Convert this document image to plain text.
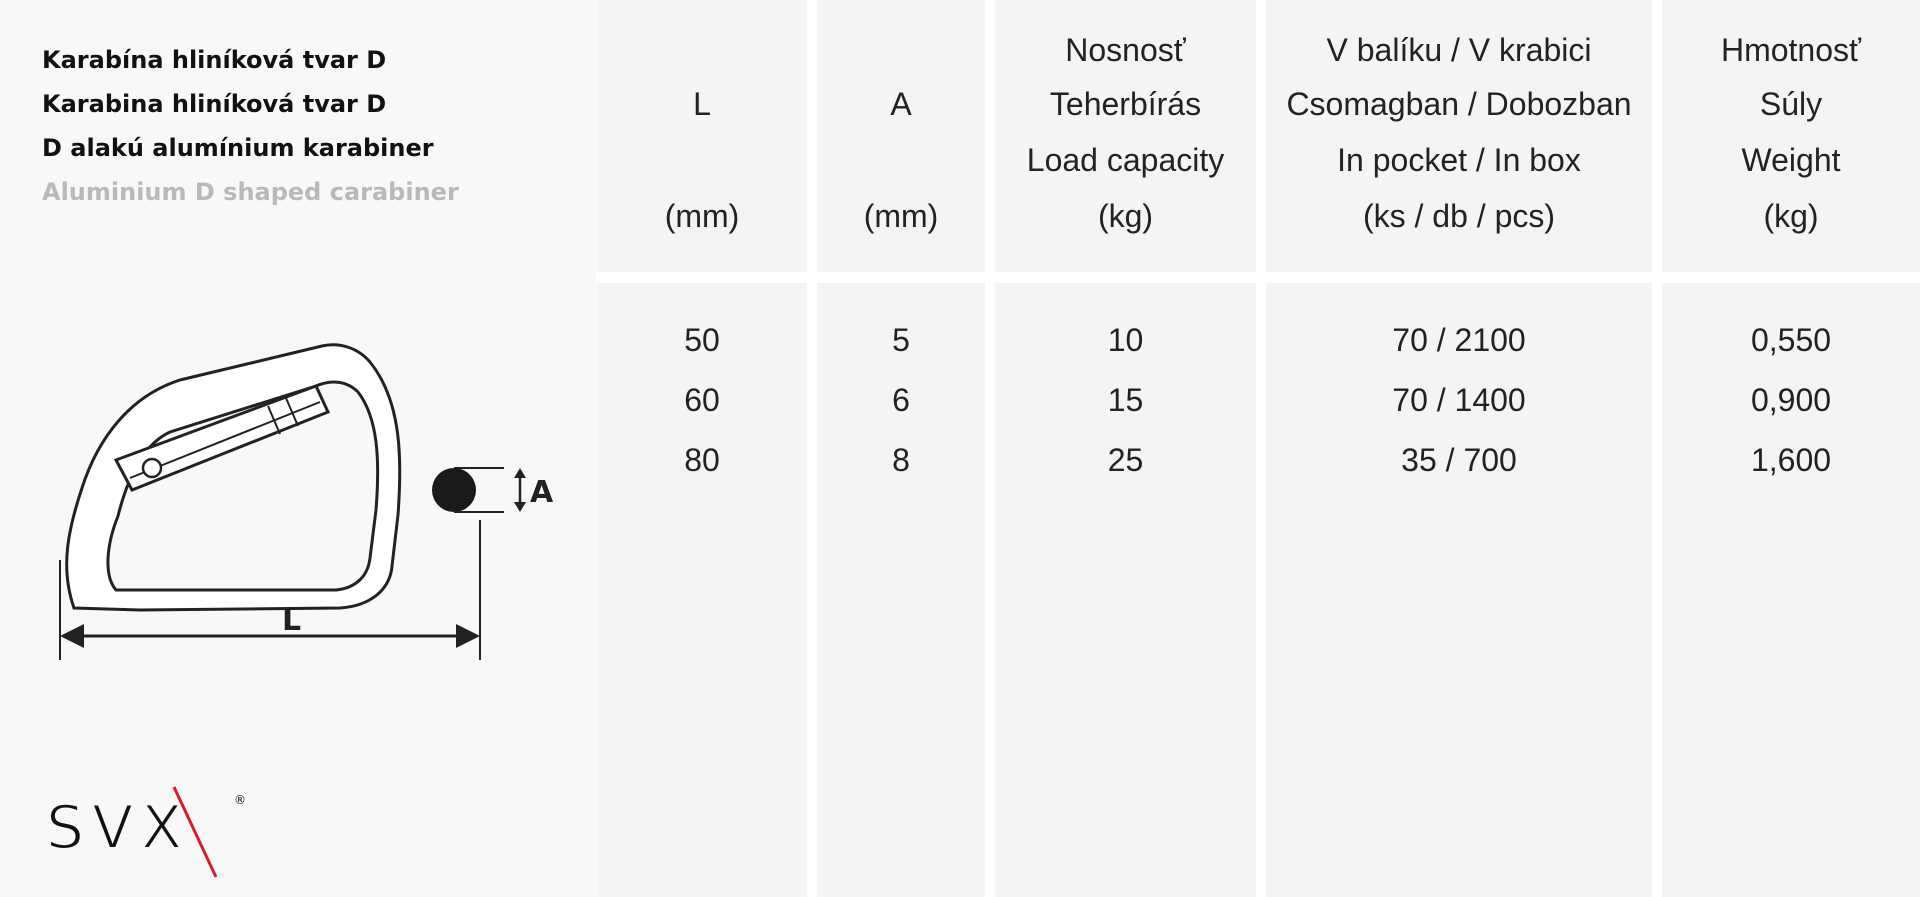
Karabína hliníková tvar D
Karabina hliníková tvar D
D alakú alumínium karabiner
Aluminium D shaped carabiner
A
L
SVX	®
L
(mm)
A
(mm)
Nosnosť
Teherbírás
Load capacity
(kg)
V balíku / V krabici
Csomagban / Dobozban
In pocket / In box
(ks / db / pcs)
Hmotnosť
Súly
Weight
(kg)
50	5	10	70 / 2100	0,550
60	6	15	70 / 1400	0,900
80	8	25	35 / 700	1,600
